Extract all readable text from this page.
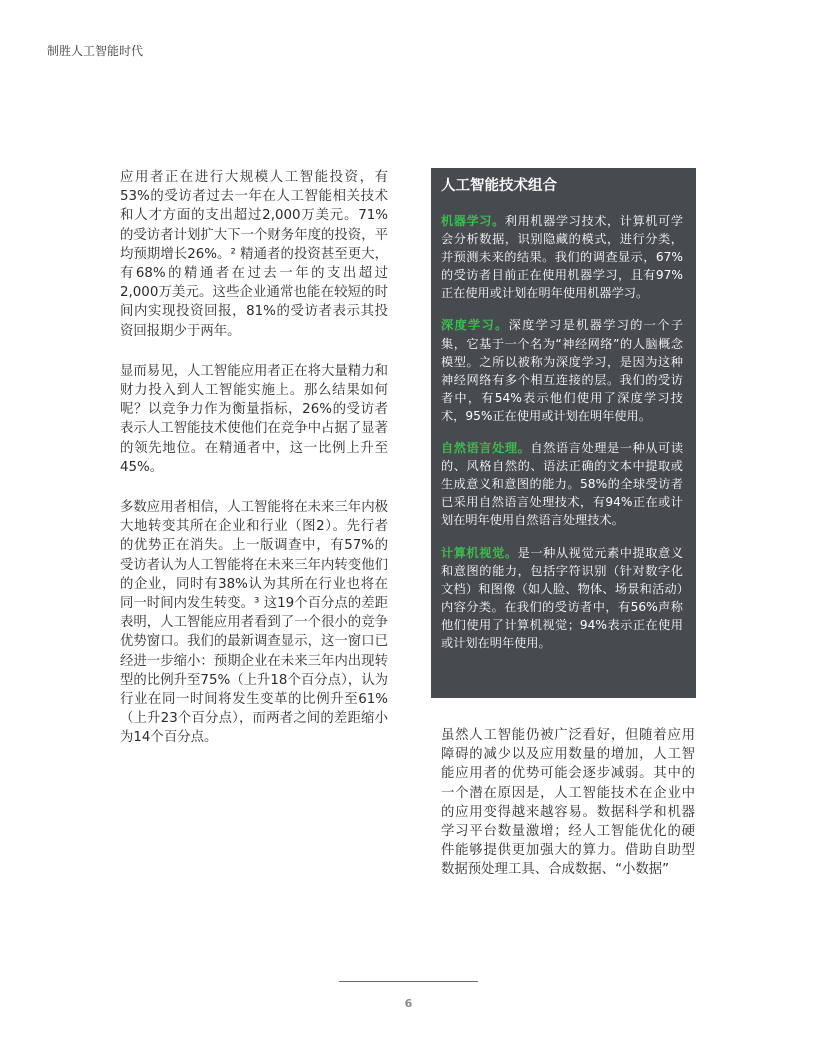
制胜人工智能时代

应用者正在进行大规模人工智能投资，有53%的受访者过去一年在人工智能相关技术和人才方面的支出超过2,000万美元。71%的受访者计划扩大下一个财务年度的投资，平均预期增长26%。² 精通者的投资甚至更大，有68%的精通者在过去一年的支出超过2,000万美元。这些企业通常也能在较短的时间内实现投资回报，81%的受访者表示其投资回报期少于两年。

显而易见，人工智能应用者正在将大量精力和财力投入到人工智能实施上。那么结果如何呢？以竞争力作为衡量指标，26%的受访者表示人工智能技术使他们在竞争中占据了显著的领先地位。在精通者中，这一比例上升至45%。

多数应用者相信，人工智能将在未来三年内极大地转变其所在企业和行业（图2）。先行者的优势正在消失。上一版调查中，有57%的受访者认为人工智能将在未来三年内转变他们的企业，同时有38%认为其所在行业也将在同一时间内发生转变。³ 这19个百分点的差距表明，人工智能应用者看到了一个很小的竞争优势窗口。我们的最新调查显示，这一窗口已经进一步缩小：预期企业在未来三年内出现转型的比例升至75%（上升18个百分点），认为行业在同一时间将发生变革的比例升至61%（上升23个百分点），而两者之间的差距缩小为14个百分点。

人工智能技术组合
机器学习。利用机器学习技术，计算机可学会分析数据，识别隐藏的模式，进行分类，并预测未来的结果。我们的调查显示，67%的受访者目前正在使用机器学习，且有97%正在使用或计划在明年使用机器学习。
深度学习。深度学习是机器学习的一个子集，它基于一个名为“神经网络”的人脑概念模型。之所以被称为深度学习，是因为这种神经网络有多个相互连接的层。我们的受访者中，有54%表示他们使用了深度学习技术，95%正在使用或计划在明年使用。
自然语言处理。自然语言处理是一种从可读的、风格自然的、语法正确的文本中提取或生成意义和意图的能力。58%的全球受访者已采用自然语言处理技术，有94%正在或计划在明年使用自然语言处理技术。
计算机视觉。是一种从视觉元素中提取意义和意图的能力，包括字符识别（针对数字化文档）和图像（如人脸、物体、场景和活动）内容分类。在我们的受访者中，有56%声称他们使用了计算机视觉；94%表示正在使用或计划在明年使用。

虽然人工智能仍被广泛看好，但随着应用障碍的减少以及应用数量的增加，人工智能应用者的优势可能会逐步减弱。其中的一个潜在原因是，人工智能技术在企业中的应用变得越来越容易。数据科学和机器学习平台数量激增；经人工智能优化的硬件能够提供更加强大的算力。借助自助型数据预处理工具、合成数据、“小数据”

6
